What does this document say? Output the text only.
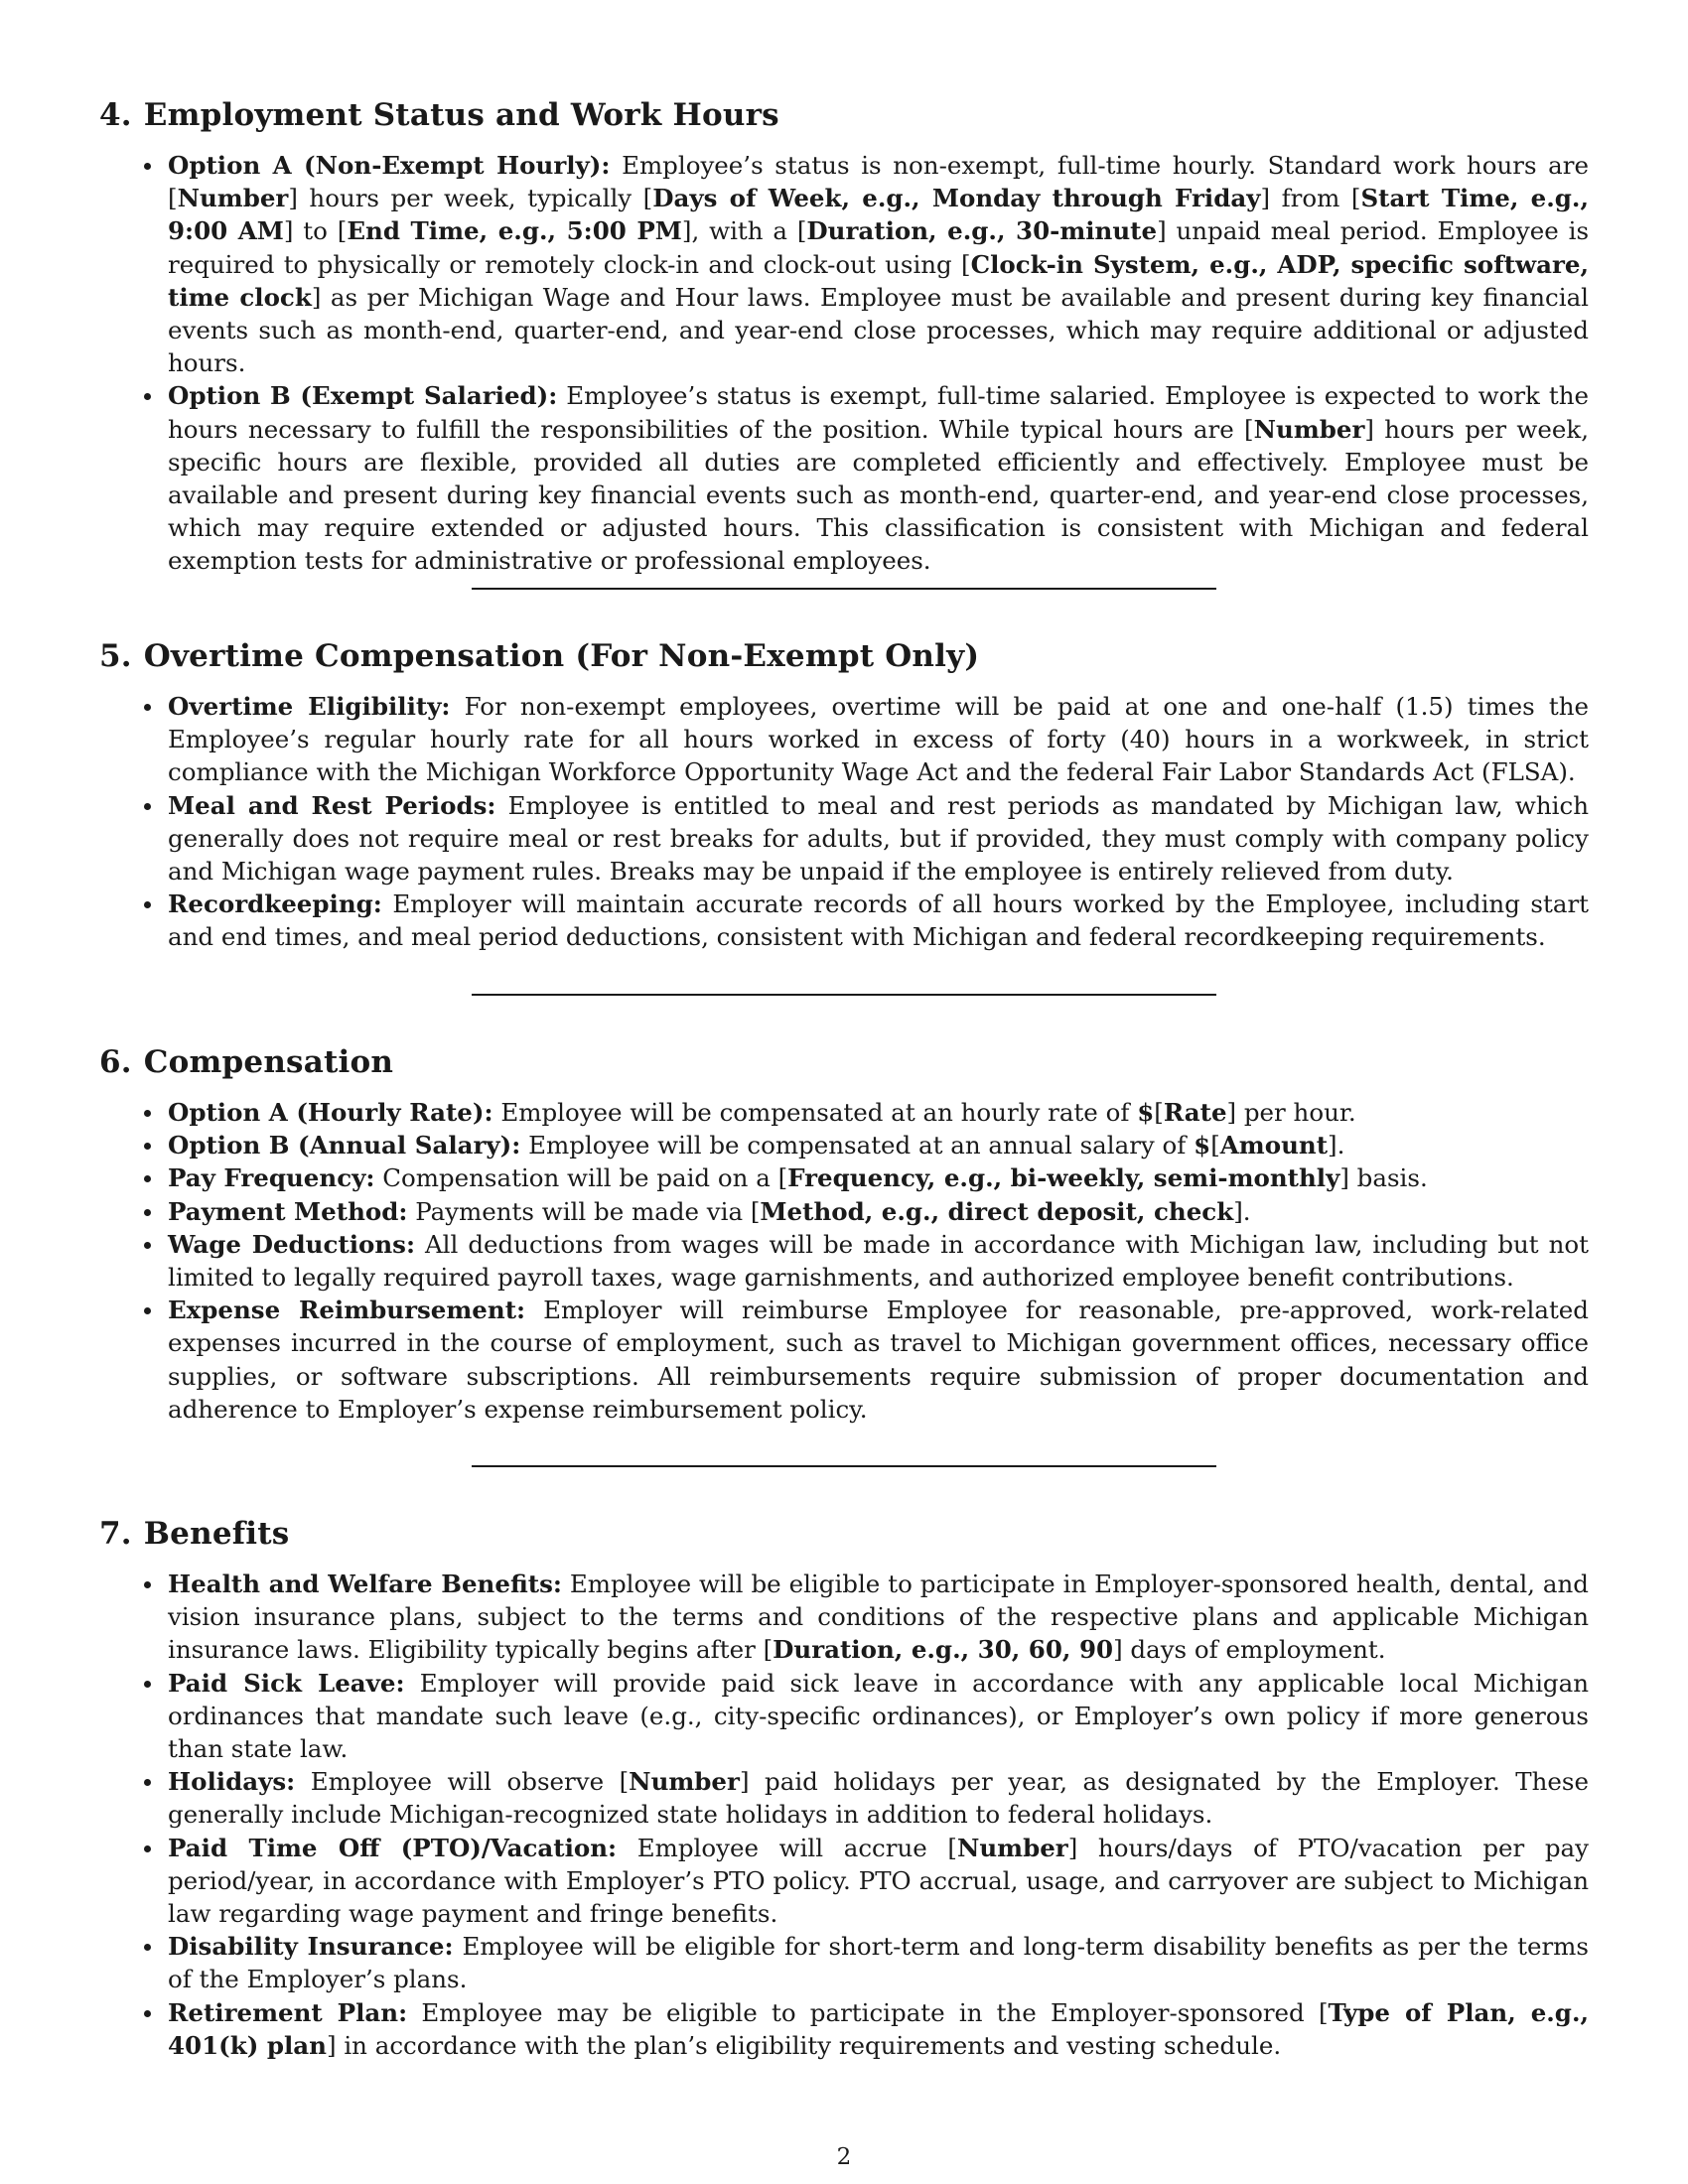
4. Employment Status and Work Hours
Option A (Non-Exempt Hourly): Employee’s status is non-exempt, full-time hourly. Standard work hours are [Number] hours per week, typically [Days of Week, e.g., Monday through Friday] from [Start Time, e.g., 9:00 AM] to [End Time, e.g., 5:00 PM], with a [Duration, e.g., 30-minute] unpaid meal period. Employee is required to physically or remotely clock-in and clock-out using [Clock-in System, e.g., ADP, specific software, time clock] as per Michigan Wage and Hour laws. Employee must be available and present during key financial events such as month-end, quarter-end, and year-end close processes, which may require additional or adjusted hours.
Option B (Exempt Salaried): Employee’s status is exempt, full-time salaried. Employee is expected to work the hours necessary to fulfill the responsibilities of the position. While typical hours are [Number] hours per week, specific hours are flexible, provided all duties are completed efficiently and effectively. Employee must be available and present during key financial events such as month-end, quarter-end, and year-end close processes, which may require extended or adjusted hours. This classification is consistent with Michigan and federal exemption tests for administrative or professional employees.
5. Overtime Compensation (For Non-Exempt Only)
Overtime Eligibility: For non-exempt employees, overtime will be paid at one and one-half (1.5) times the Employee’s regular hourly rate for all hours worked in excess of forty (40) hours in a workweek, in strict compliance with the Michigan Workforce Opportunity Wage Act and the federal Fair Labor Standards Act (FLSA).
Meal and Rest Periods: Employee is entitled to meal and rest periods as mandated by Michigan law, which generally does not require meal or rest breaks for adults, but if provided, they must comply with company policy and Michigan wage payment rules. Breaks may be unpaid if the employee is entirely relieved from duty.
Recordkeeping: Employer will maintain accurate records of all hours worked by the Employee, including start and end times, and meal period deductions, consistent with Michigan and federal recordkeeping requirements.
6. Compensation
Option A (Hourly Rate): Employee will be compensated at an hourly rate of $[Rate] per hour.
Option B (Annual Salary): Employee will be compensated at an annual salary of $[Amount].
Pay Frequency: Compensation will be paid on a [Frequency, e.g., bi-weekly, semi-monthly] basis.
Payment Method: Payments will be made via [Method, e.g., direct deposit, check].
Wage Deductions: All deductions from wages will be made in accordance with Michigan law, including but not limited to legally required payroll taxes, wage garnishments, and authorized employee benefit contributions.
Expense Reimbursement: Employer will reimburse Employee for reasonable, pre-approved, work-related expenses incurred in the course of employment, such as travel to Michigan government offices, necessary office supplies, or software subscriptions. All reimbursements require submission of proper documentation and adherence to Employer’s expense reimbursement policy.
7. Benefits
Health and Welfare Benefits: Employee will be eligible to participate in Employer-sponsored health, dental, and vision insurance plans, subject to the terms and conditions of the respective plans and applicable Michigan insurance laws. Eligibility typically begins after [Duration, e.g., 30, 60, 90] days of employment.
Paid Sick Leave: Employer will provide paid sick leave in accordance with any applicable local Michigan ordinances that mandate such leave (e.g., city-specific ordinances), or Employer’s own policy if more generous than state law.
Holidays: Employee will observe [Number] paid holidays per year, as designated by the Employer. These generally include Michigan-recognized state holidays in addition to federal holidays.
Paid Time Off (PTO)/Vacation: Employee will accrue [Number] hours/days of PTO/vacation per pay period/year, in accordance with Employer’s PTO policy. PTO accrual, usage, and carryover are subject to Michigan law regarding wage payment and fringe benefits.
Disability Insurance: Employee will be eligible for short-term and long-term disability benefits as per the terms of the Employer’s plans.
Retirement Plan: Employee may be eligible to participate in the Employer-sponsored [Type of Plan, e.g., 401(k) plan] in accordance with the plan’s eligibility requirements and vesting schedule.
2
